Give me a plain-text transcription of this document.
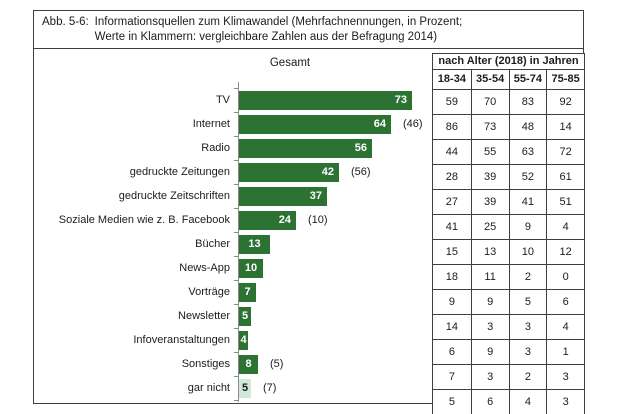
Abb. 5-6: Informationsquellen zum Klimawandel (Mehrfachnennungen, in Prozent;
Werte in Klammern: vergleichbare Zahlen aus der Befragung 2014)
Gesamt
TV	73
Internet	64	(46)
Radio	56
gedruckte Zeitungen	42	(56)
gedruckte Zeitschriften	37
Soziale Medien wie z. B. Facebook	24	(10)
Bücher	13
News-App	10
Vorträge	7
Newsletter 5
Infoveranstaltungen 4
Sonstiges	8	(5)
gar nicht 5 (7)
nach Alter (2018) in Jahren
18-34 35-54 55-74 75-85
59	70	83	92
86	73	48	14
44	55	63	72
28	39	52	61
27	39	41	51
41	25	9	4
15	13	10	12
18	11	2	0
9	9	5	6
14	3	3	4
6	9	3	1
7	3	2	3
5	6	4	3
